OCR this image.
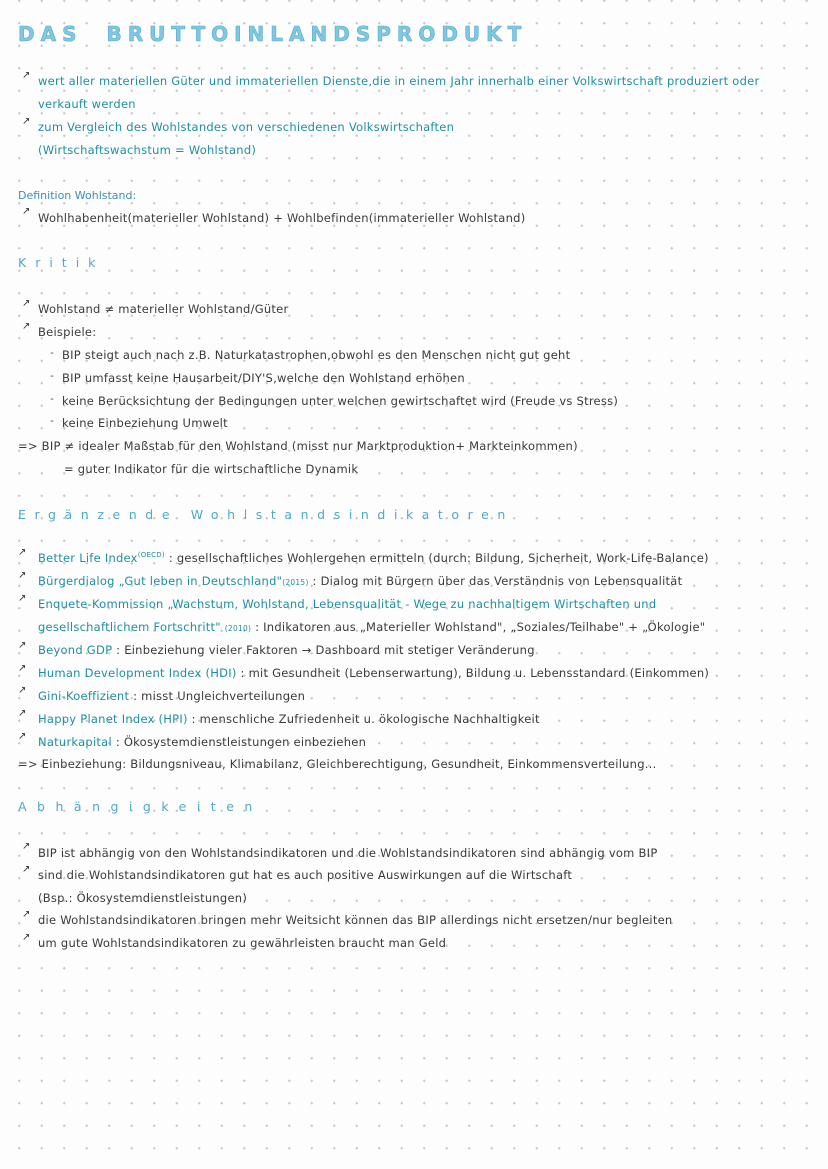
DAS BRUTTOINLANDSPRODUKT
↗ wert aller materiellen Güter und immateriellen Dienste,die in einem Jahr innerhalb einer Volkswirtschaft produziert oder
verkauft werden
↗ zum Vergleich des Wohlstandes von verschiedenen Volkswirtschaften
(Wirtschaftswachstum = Wohlstand)
Definition Wohlstand:
↗ Wohlhabenheit(materieller Wohlstand) + Wohlbefinden(immaterieller Wohlstand)
Kritik
↗ Wohlstand ≠ materieller Wohlstand/Güter
↗ Beispiele:
- BIP steigt auch nach z.B. Naturkatastrophen,obwohl es den Menschen nicht gut geht
- BIP umfasst keine Hausarbeit/DIY'S,welche den Wohlstand erhöhen
- keine Berücksichtung der Bedingungen unter welchen gewirtschaftet wird (Freude vs Stress)
- keine Einbeziehung Umwelt
=> BIP ≠ idealer Maßstab für den Wohlstand (misst nur Marktproduktion+ Markteinkommen)
= guter Indikator für die wirtschaftliche Dynamik
Ergänzende Wohlstandsindikatoren
↗ Better Life Index$^{(OECD)}$ : gesellschaftliches Wohlergehen ermitteln (durch: Bildung, Sicherheit, Work-Life-Balance)
↗ Bürgerdialog „Gut leben in Deutschland"(2015) : Dialog mit Bürgern über das Verständnis von Lebensqualität
↗ Enquete-Kommission „Wachstum, Wohlstand, Lebensqualität - Wege zu nachhaltigem Wirtschaften und
gesellschaftlichem Fortschritt" (2010) : Indikatoren aus „Materieller Wohlstand", „Soziales/Teilhabe" + „Ökologie"
↗ Beyond GDP : Einbeziehung vieler Faktoren → Dashboard mit stetiger Veränderung
↗ Human Development Index (HDI) : mit Gesundheit (Lebenserwartung), Bildung u. Lebensstandard (Einkommen)
↗ Gini-Koeffizient : misst Ungleichverteilungen
↗ Happy Planet Index (HPI) : menschliche Zufriedenheit u. ökologische Nachhaltigkeit
↗ Naturkapital : Ökosystemdienstleistungen einbeziehen
=> Einbeziehung: Bildungsniveau, Klimabilanz, Gleichberechtigung, Gesundheit, Einkommensverteilung...
Abhängigkeiten
↗ BIP ist abhängig von den Wohlstandsindikatoren und die Wohlstandsindikatoren sind abhängig vom BIP
↗ sind die Wohlstandsindikatoren gut hat es auch positive Auswirkungen auf die Wirtschaft
(Bsp.: Ökosystemdienstleistungen)
↗ die Wohlstandsindikatoren bringen mehr Weitsicht können das BIP allerdings nicht ersetzen/nur begleiten
↗ um gute Wohlstandsindikatoren zu gewährleisten braucht man Geld
